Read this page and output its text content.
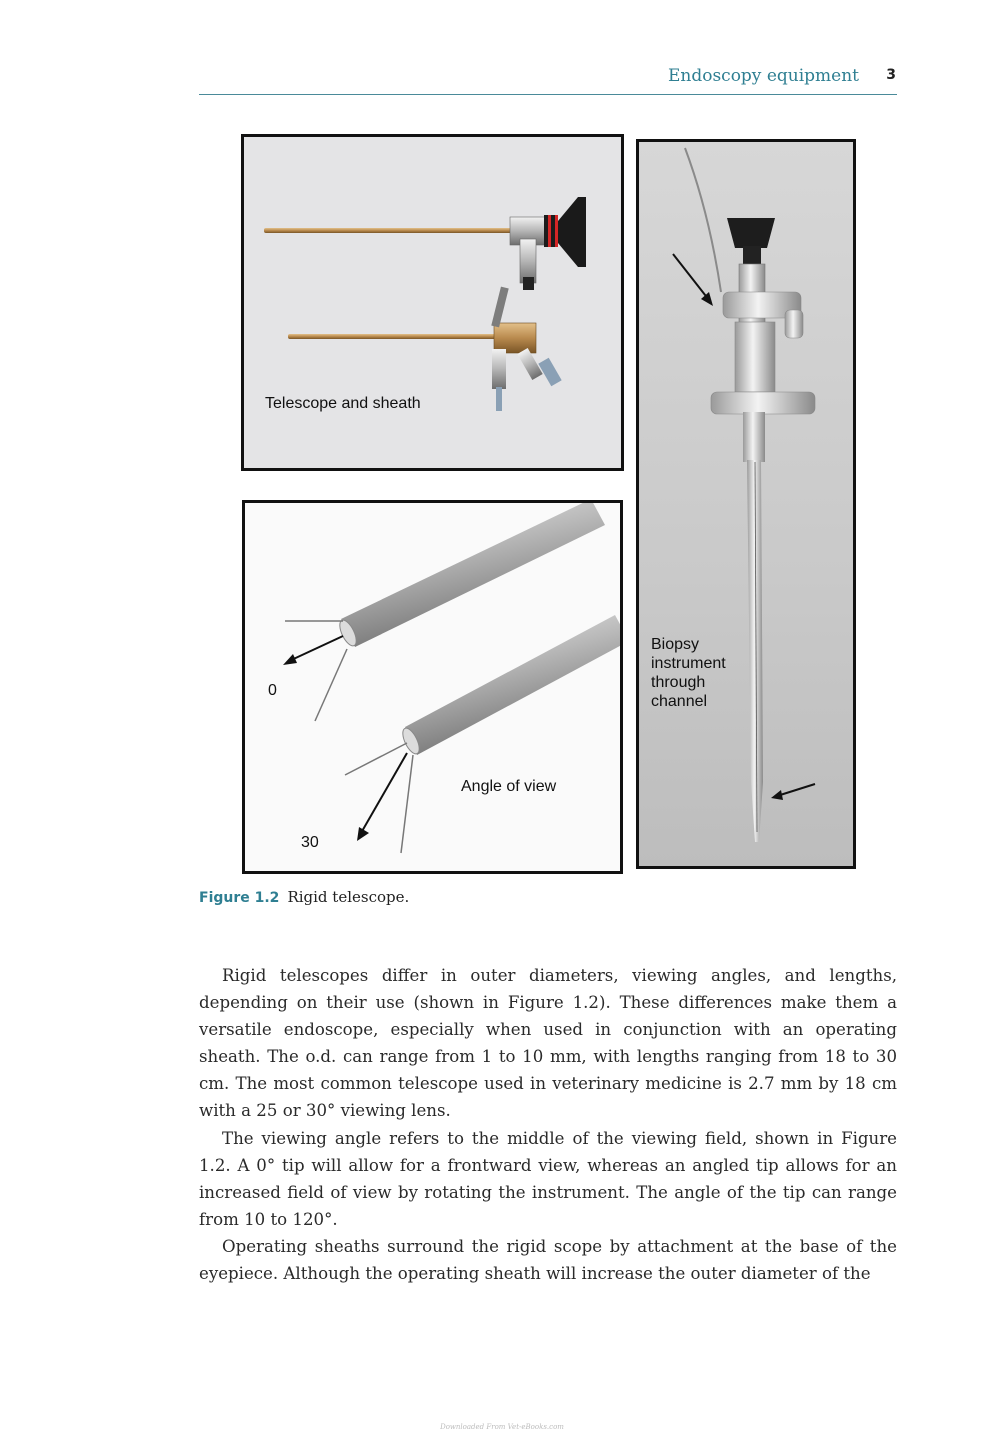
Endoscopy equipment 3
Telescope and sheath
0
30
Angle of view
Biopsy
instrument
through
channel
Figure 1.2 Rigid telescope.

Rigid telescopes differ in outer diameters, viewing angles, and lengths, depending on their use (shown in Figure 1.2). These differences make them a versatile endoscope, especially when used in conjunction with an operating sheath. The o.d. can range from 1 to 10 mm, with lengths ranging from 18 to 30 cm. The most common telescope used in veterinary medicine is 2.7 mm by 18 cm with a 25 or 30° viewing lens.

The viewing angle refers to the middle of the viewing field, shown in Figure 1.2. A 0° tip will allow for a frontward view, whereas an angled tip allows for an increased field of view by rotating the instrument. The angle of the tip can range from 10 to 120°.

Operating sheaths surround the rigid scope by attachment at the base of the eyepiece. Although the operating sheath will increase the outer diameter of the

Downloaded From Vet-eBooks.com
